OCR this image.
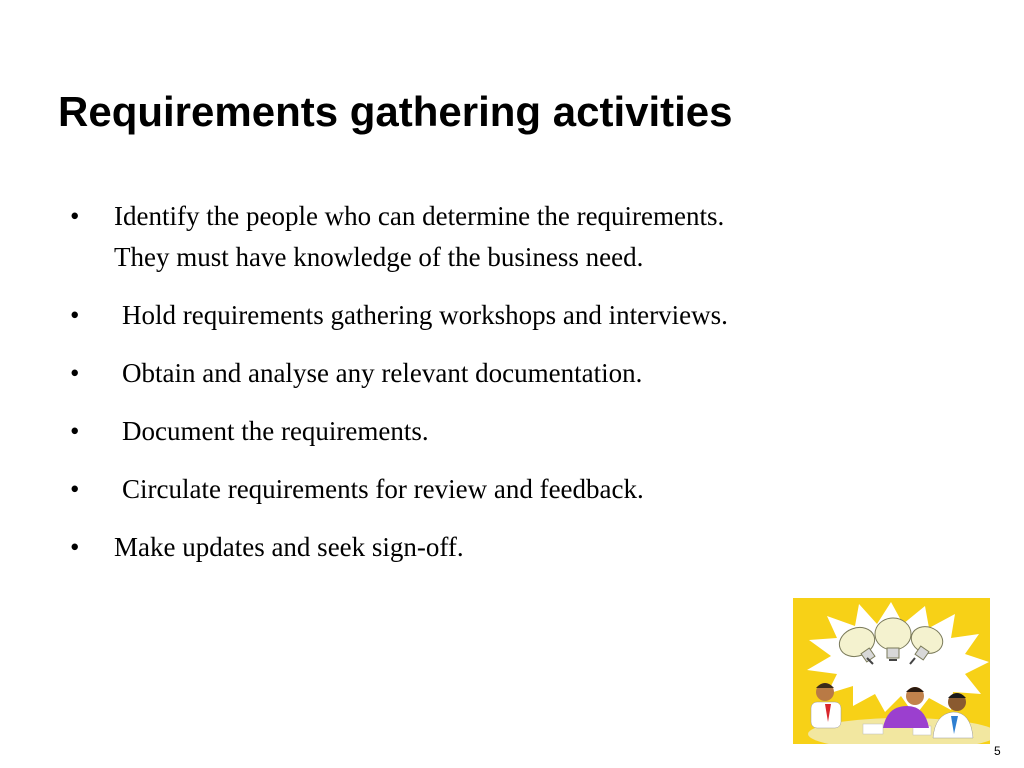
Requirements gathering activities
• Identify the people who can determine the requirements.
They must have knowledge of the business need.
• Hold requirements gathering workshops and interviews.
• Obtain and analyse any relevant documentation.
• Document the requirements.
• Circulate requirements for review and feedback.
• Make updates and seek sign-off.
5
